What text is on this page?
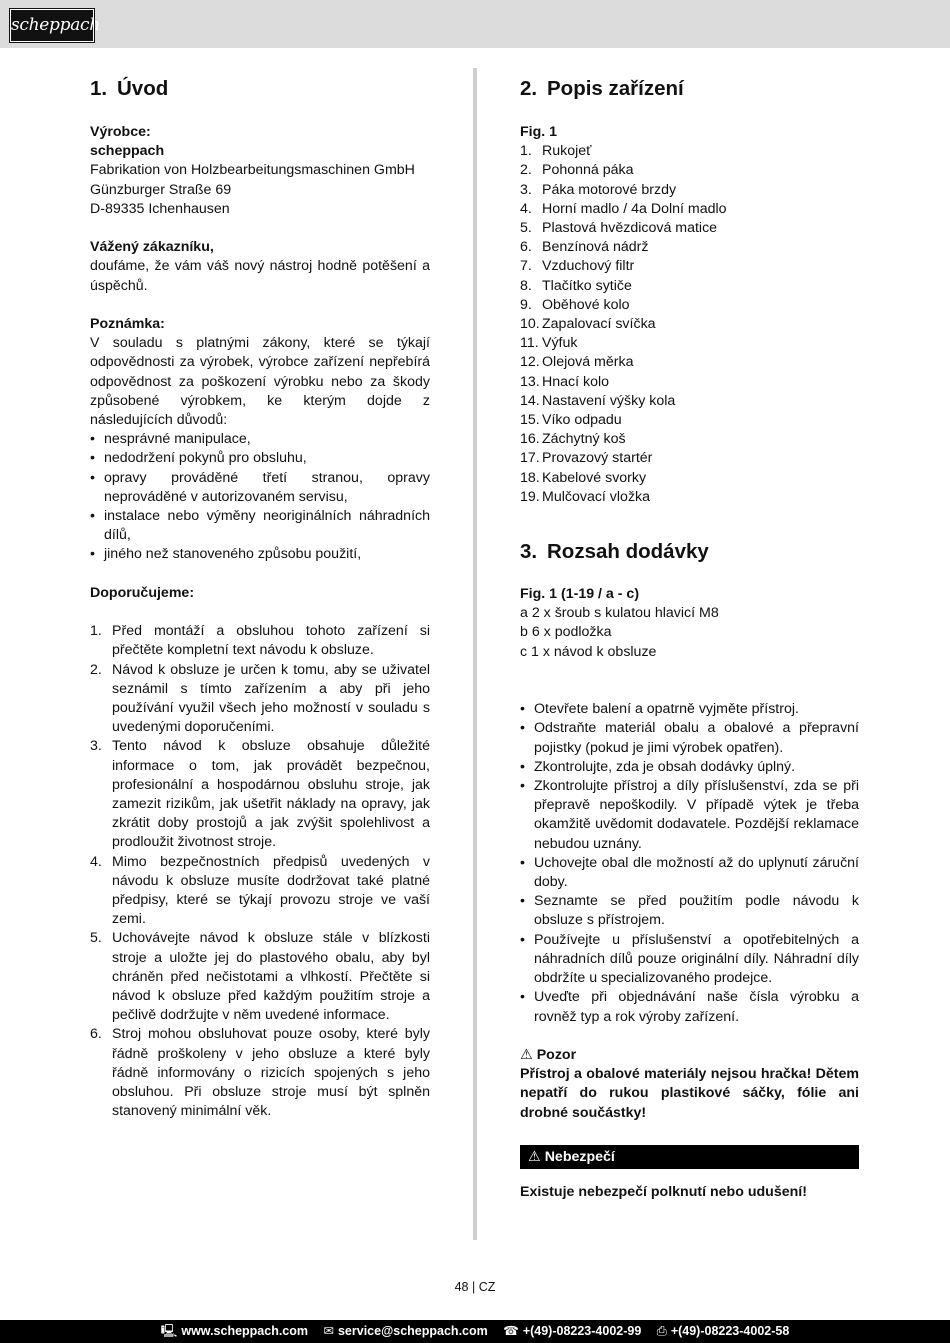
scheppach
1. Úvod
Výrobce:
scheppach
Fabrikation von Holzbearbeitungsmaschinen GmbH
Günzburger Straße 69
D-89335 Ichenhausen
Vážený zákazníku,
doufáme, že vám váš nový nástroj hodně potěšení a úspěchů.
Poznámka:
V souladu s platnými zákony, které se týkají odpovědnosti za výrobek, výrobce zařízení nepřebírá odpovědnost za poškození výrobku nebo za škody způsobené výrobkem, ke kterým dojde z následujících důvodů:
• nesprávné manipulace,
• nedodržení pokynů pro obsluhu,
• opravy prováděné třetí stranou, opravy neprováděné v autorizovaném servisu,
• instalace nebo výměny neoriginálních náhradních dílů,
• jiného než stanoveného způsobu použití,
Doporučujeme:
1. Před montáží a obsluhou tohoto zařízení si přečtěte kompletní text návodu k obsluze.
2. Návod k obsluze je určen k tomu, aby se uživatel seznámil s tímto zařízením a aby při jeho používání využil všech jeho možností v souladu s uvedenými doporučeními.
3. Tento návod k obsluze obsahuje důležité informace o tom, jak provádět bezpečnou, profesionální a hospodárnou obsluhu stroje, jak zamezit rizikům, jak ušetřit náklady na opravy, jak zkrátit doby prostojů a jak zvýšit spolehlivost a prodloužit životnost stroje.
4. Mimo bezpečnostních předpisů uvedených v návodu k obsluze musíte dodržovat také platné předpisy, které se týkají provozu stroje ve vaší zemi.
5. Uchovávejte návod k obsluze stále v blízkosti stroje a uložte jej do plastového obalu, aby byl chráněn před nečistotami a vlhkostí. Přečtěte si návod k obsluze před každým použitím stroje a pečlivě dodržujte v něm uvedené informace.
6. Stroj mohou obsluhovat pouze osoby, které byly řádně proškoleny v jeho obsluze a které byly řádně informovány o rizicích spojených s jeho obsluhou. Při obsluze stroje musí být splněn stanovený minimální věk.
2. Popis zařízení
Fig. 1
1. Rukojeť
2. Pohonná páka
3. Páka motorové brzdy
4. Horní madlo / 4a Dolní madlo
5. Plastová hvězdicová matice
6. Benzínová nádrž
7. Vzduchový filtr
8. Tlačítko sytiče
9. Oběhové kolo
10. Zapalovací svíčka
11. Výfuk
12. Olejová měrka
13. Hnací kolo
14. Nastavení výšky kola
15. Víko odpadu
16. Záchytný koš
17. Provazový startér
18. Kabelové svorky
19. Mulčovací vložka
3. Rozsah dodávky
Fig. 1 (1-19 / a - c)
a 2 x šroub s kulatou hlavicí M8
b 6 x podložka
c 1 x návod k obsluze
• Otevřete balení a opatrně vyjměte přístroj.
• Odstraňte materiál obalu a obalové a přepravní pojistky (pokud je jimi výrobek opatřen).
• Zkontrolujte, zda je obsah dodávky úplný.
• Zkontrolujte přístroj a díly příslušenství, zda se při přepravě nepoškodily. V případě výtek je třeba okamžitě uvědomit dodavatele. Pozdější reklamace nebudou uznány.
• Uchovejte obal dle možností až do uplynutí záruční doby.
• Seznamte se před použitím podle návodu k obsluze s přístrojem.
• Používejte u příslušenství a opotřebitelných a náhradních dílů pouze originální díly. Náhradní díly obdržíte u specializovaného prodejce.
• Uveďte při objednávání naše čísla výrobku a rovněž typ a rok výroby zařízení.
⚠ Pozor
Přístroj a obalové materiály nejsou hračka! Dětem nepatří do rukou plastikové sáčky, fólie ani drobné součástky!
⚠ Nebezpečí
Existuje nebezpečí polknutí nebo udušení!
48 | CZ
🖳 www.scheppach.com ✉ service@scheppach.com ☎ +(49)-08223-4002-99 ⎙ +(49)-08223-4002-58
